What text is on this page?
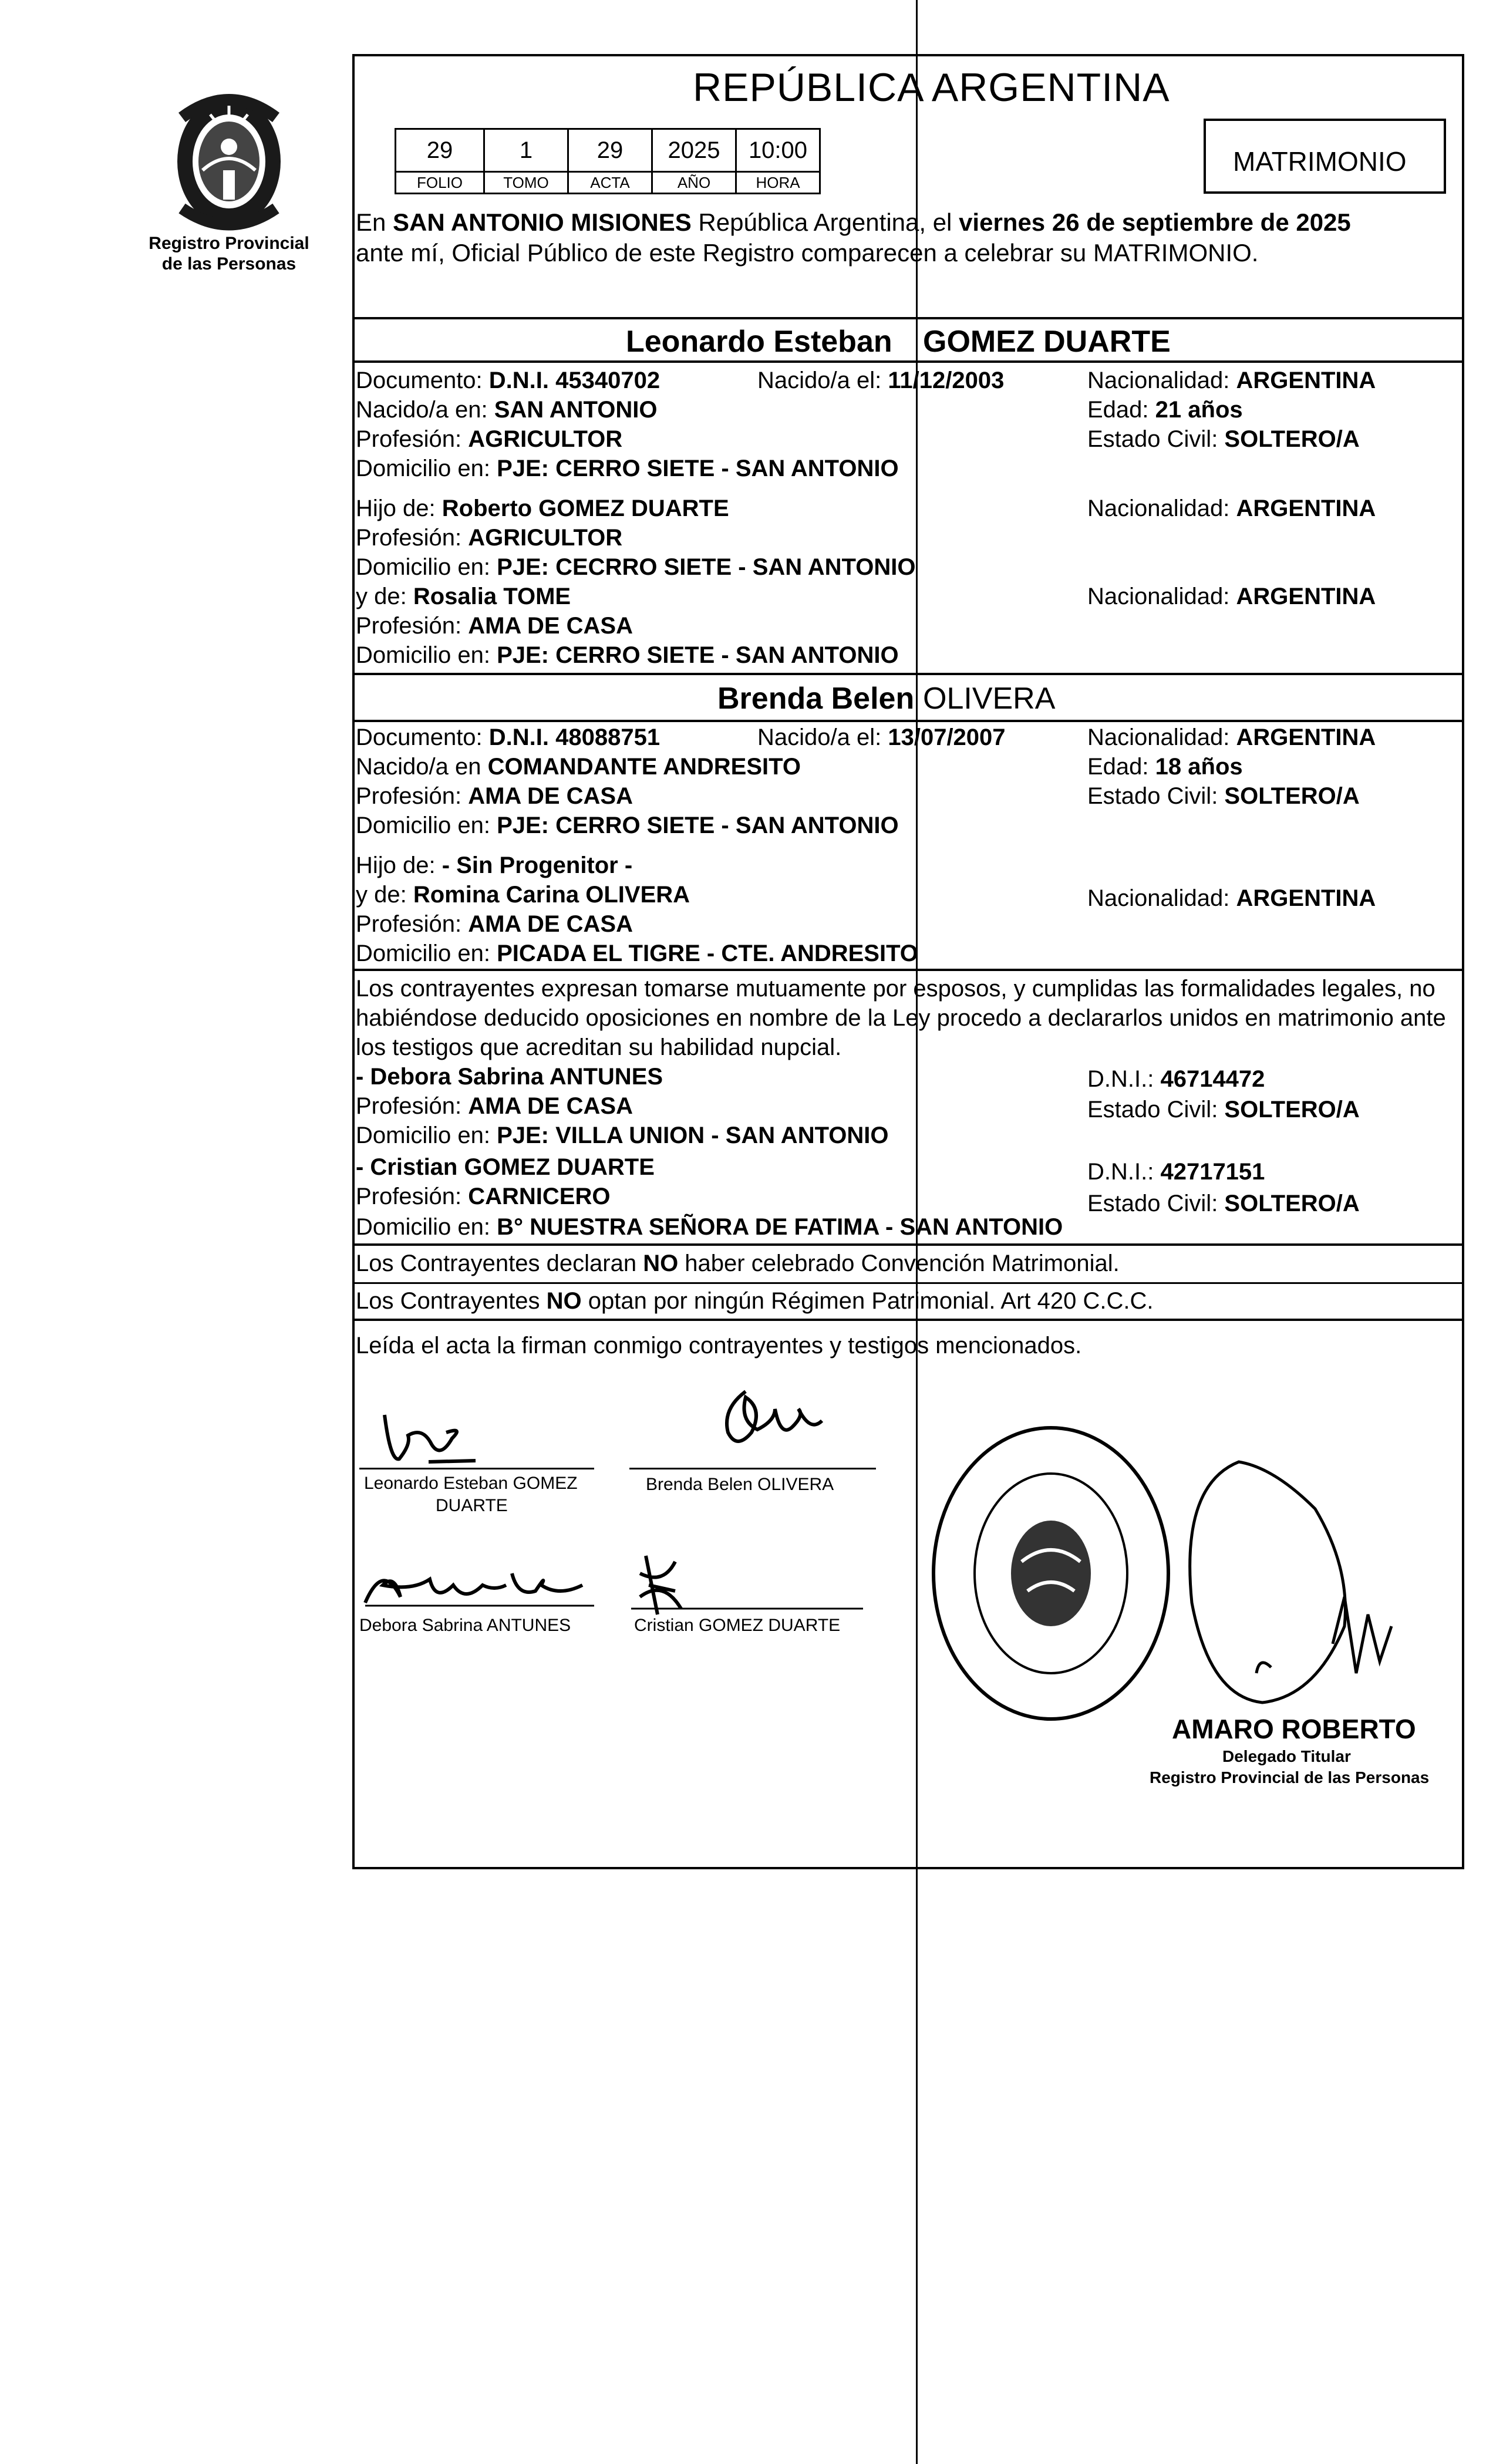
Registro Provincial
de las Personas
REPÚBLICA ARGENTINA
29	1	29	2025	10:00
FOLIO	TOMO	ACTA	AÑO	HORA
MATRIMONIO
En SAN ANTONIO MISIONES República Argentina, el viernes 26 de septiembre de 2025
ante mí, Oficial Público de este Registro comparecen a celebrar su MATRIMONIO.
Leonardo Esteban GOMEZ DUARTE
Documento: D.N.I. 45340702	Nacido/a el: 11/12/2003	Nacionalidad: ARGENTINA
Nacido/a en: SAN ANTONIO	Edad: 21 años
Profesión: AGRICULTOR	Estado Civil: SOLTERO/A
Domicilio en: PJE: CERRO SIETE - SAN ANTONIO
Hijo de: Roberto GOMEZ DUARTE	Nacionalidad: ARGENTINA
Profesión: AGRICULTOR
Domicilio en: PJE: CECRRO SIETE - SAN ANTONIO
y de: Rosalia TOME	Nacionalidad: ARGENTINA
Profesión: AMA DE CASA
Domicilio en: PJE: CERRO SIETE - SAN ANTONIO
Brenda Belen OLIVERA
Documento: D.N.I. 48088751	Nacido/a el: 13/07/2007	Nacionalidad: ARGENTINA
Nacido/a en COMANDANTE ANDRESITO	Edad: 18 años
Profesión: AMA DE CASA	Estado Civil: SOLTERO/A
Domicilio en: PJE: CERRO SIETE - SAN ANTONIO
Hijo de: - Sin Progenitor -
y de: Romina Carina OLIVERA	Nacionalidad: ARGENTINA
Profesión: AMA DE CASA
Domicilio en: PICADA EL TIGRE - CTE. ANDRESITO
Los contrayentes expresan tomarse mutuamente por esposos, y cumplidas las formalidades legales, no
habiéndose deducido oposiciones en nombre de la Ley procedo a declararlos unidos en matrimonio ante
los testigos que acreditan su habilidad nupcial.
- Debora Sabrina ANTUNES	D.N.I.: 46714472
Profesión: AMA DE CASA	Estado Civil: SOLTERO/A
Domicilio en: PJE: VILLA UNION - SAN ANTONIO
- Cristian GOMEZ DUARTE	D.N.I.: 42717151
Profesión: CARNICERO	Estado Civil: SOLTERO/A
Domicilio en: B° NUESTRA SEÑORA DE FATIMA - SAN ANTONIO
Los Contrayentes declaran NO haber celebrado Convención Matrimonial.
Los Contrayentes NO optan por ningún Régimen Patrimonial. Art 420 C.C.C.
Leída el acta la firman conmigo contrayentes y testigos mencionados.
Leonardo Esteban GOMEZ
DUARTE
Brenda Belen OLIVERA
Debora Sabrina ANTUNES	Cristian GOMEZ DUARTE
AMARO ROBERTO
Delegado Titular
Registro Provincial de las Personas
